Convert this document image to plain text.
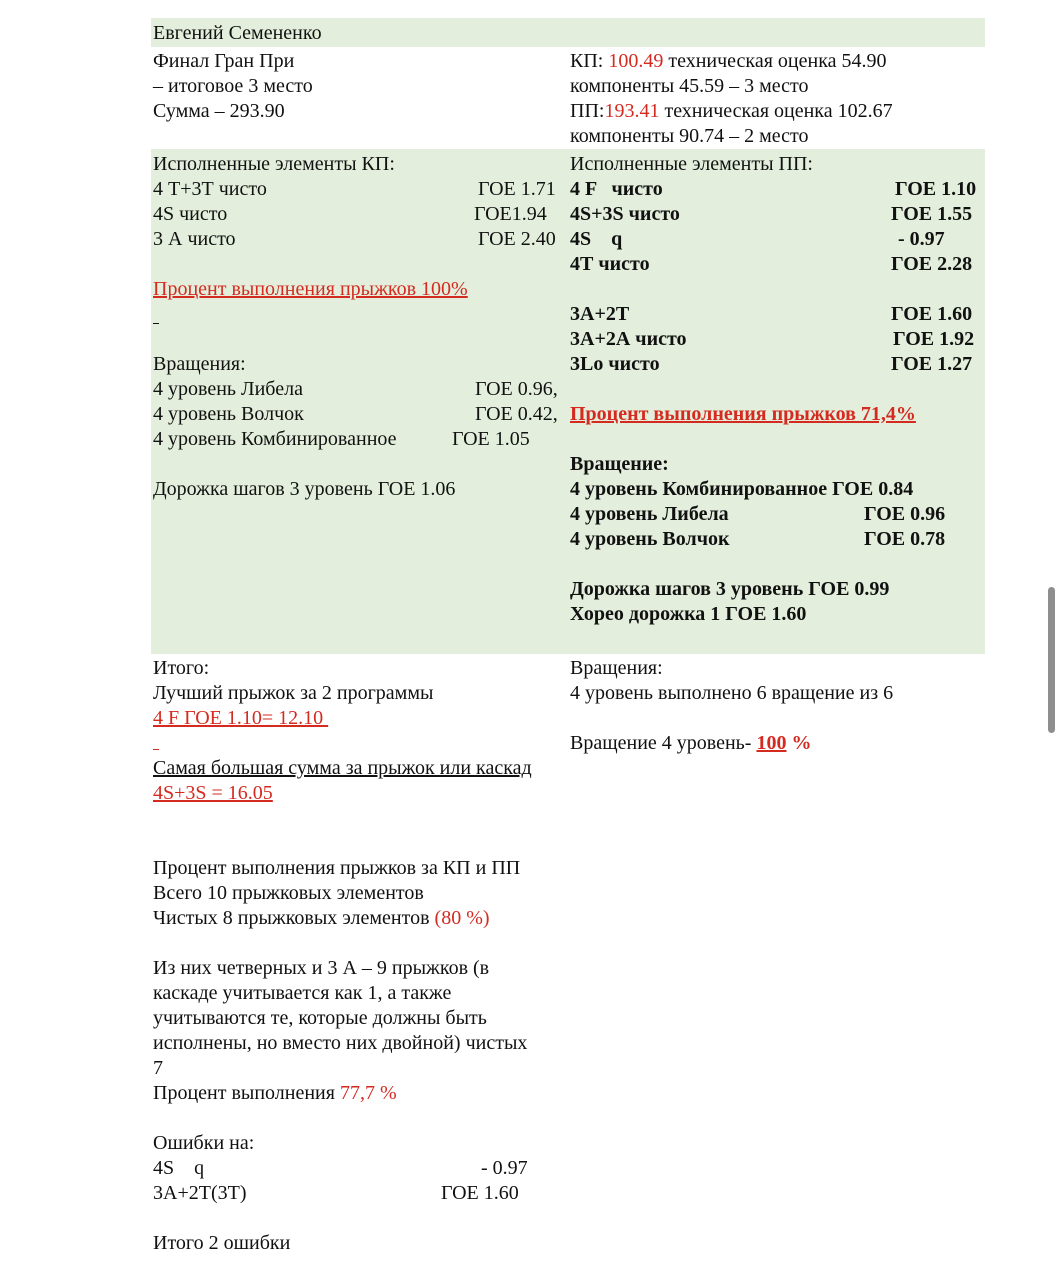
Евгений Семененко
Финал Гран При
– итоговое 3 место
Сумма – 293.90
КП: 100.49 техническая оценка 54.90
компоненты 45.59 – 3 место
ПП:193.41 техническая оценка 102.67
компоненты 90.74 – 2 место
Исполненные элементы КП:
4 Т+3Т чисто	ГОЕ 1.71
4S чисто	ГОЕ1.94
3 А чисто	ГОЕ 2.40
Процент выполнения прыжков 100%
Вращения:
4 уровень Либела	ГОЕ 0.96,
4 уровень Волчок	ГОЕ 0.42,
4 уровень Комбинированное	ГОЕ 1.05
Дорожка шагов 3 уровень ГОЕ 1.06
Исполненные элементы ПП:
4 F   чисто	ГОЕ 1.10
4S+3S чисто	ГОЕ 1.55
4S    q	- 0.97
4Т чисто	ГОЕ 2.28
3А+2Т	ГОЕ 1.60
3А+2А чисто	ГОЕ 1.92
3Lo чисто	ГОЕ 1.27
Процент выполнения прыжков 71,4%
Вращение:
4 уровень Комбинированное ГОЕ 0.84
4 уровень Либела	ГОЕ 0.96
4 уровень Волчок	ГОЕ 0.78
Дорожка шагов 3 уровень ГОЕ 0.99
Хорео дорожка 1 ГОЕ 1.60
Итого:
Лучший прыжок за 2 программы
4 F ГОЕ 1.10= 12.10
Самая большая сумма за прыжок или каскад
4S+3S = 16.05
Процент выполнения прыжков за КП и ПП
Всего 10 прыжковых элементов
Чистых 8 прыжковых элементов (80 %)
Из них четверных и 3 А – 9 прыжков (в
каскаде учитывается как 1, а также
учитываются те, которые должны быть
исполнены, но вместо них двойной) чистых
7
Процент выполнения 77,7 %
Ошибки на:
4S    q	- 0.97
3А+2Т(3Т)	ГОЕ 1.60
Итого 2 ошибки
Вращения:
4 уровень выполнено 6 вращение из 6
Вращение 4 уровень- 100 %
